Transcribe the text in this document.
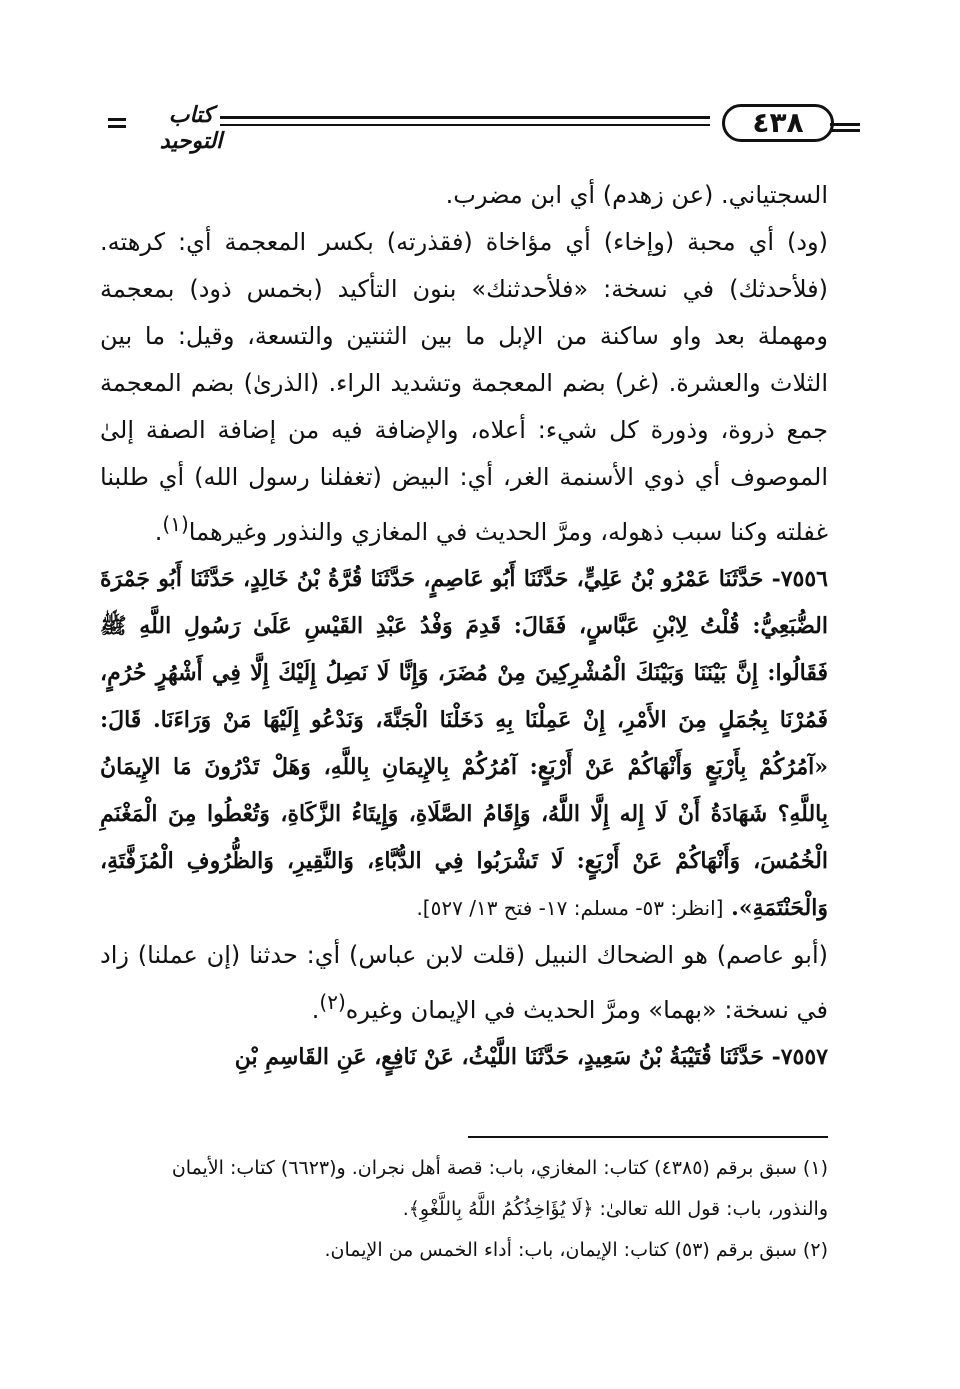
٤٣٨
كتاب التوحيد

السجتياني. (عن زهدم) أي ابن مضرب.

(ود) أي محبة (وإخاء) أي مؤاخاة (فقذرته) بكسر المعجمة أي: كرهته. (فلأحدثك) في نسخة: «فلأحدثنك» بنون التأكيد (بخمس ذود) بمعجمة ومهملة بعد واو ساكنة من الإبل ما بين الثنتين والتسعة، وقيل: ما بين الثلاث والعشرة. (غر) بضم المعجمة وتشديد الراء. (الذرىٰ) بضم المعجمة جمع ذروة، وذورة كل شيء: أعلاه، والإضافة فيه من إضافة الصفة إلىٰ الموصوف أي ذوي الأسنمة الغر، أي: البيض (تغفلنا رسول الله) أي طلبنا غفلته وكنا سبب ذهوله، ومرَّ الحديث في المغازي والنذور وغيرهما$^{(١)}$.

٧٥٥٦- حَدَّثَنَا عَمْرُو بْنُ عَلِيٍّ، حَدَّثَنَا أَبُو عَاصِمٍ، حَدَّثَنَا قُرَّةُ بْنُ خَالِدٍ، حَدَّثَنَا أَبُو جَمْرَةَ الضُّبَعِيُّ: قُلْتُ لِابْنِ عَبَّاسٍ، فَقَالَ: قَدِمَ وَفْدُ عَبْدِ القَيْسِ عَلَىٰ رَسُولِ اللَّهِ ﷺ فَقَالُوا: إِنَّ بَيْنَنَا وَبَيْنَكَ الْمُشْرِكِينَ مِنْ مُضَرَ، وَإِنَّا لَا نَصِلُ إِلَيْكَ إِلَّا فِي أَشْهُرٍ حُرُمٍ، فَمُرْنَا بِجُمَلٍ مِنَ الأَمْرِ، إِنْ عَمِلْنَا بِهِ دَخَلْنَا الْجَنَّةَ، وَنَدْعُو إِلَيْهَا مَنْ وَرَاءَنَا. قَالَ: «آمُرُكُمْ بِأَرْبَعٍ وَأَنْهَاكُمْ عَنْ أَرْبَعٍ: آمُرُكُمْ بِالإِيمَانِ بِاللَّهِ، وَهَلْ تَدْرُونَ مَا الإِيمَانُ بِاللَّهِ؟ شَهَادَةُ أَنْ لَا إِله إِلَّا اللَّهُ، وَإِقَامُ الصَّلَاةِ، وَإِيتَاءُ الزَّكَاةِ، وَتُعْطُوا مِنَ الْمَغْنَمِ الْخُمُسَ، وَأَنْهَاكُمْ عَنْ أَرْبَعٍ: لَا تَشْرَبُوا فِي الدُّبَّاءِ، وَالنَّقِيرِ، وَالظُّرُوفِ الْمُزَفَّتَةِ، وَالْحَنْتَمَةِ». [انظر: ٥٣- مسلم: ١٧- فتح ١٣/ ٥٢٧].

(أبو عاصم) هو الضحاك النبيل (قلت لابن عباس) أي: حدثنا (إن عملنا) زاد في نسخة: «بهما» ومرَّ الحديث في الإيمان وغيره$^{(٢)}$.

٧٥٥٧- حَدَّثَنَا قُتَيْبَةُ بْنُ سَعِيدٍ، حَدَّثَنَا اللَّيْثُ، عَنْ نَافِعٍ، عَنِ القَاسِمِ بْنِ

(١) سبق برقم (٤٣٨٥) كتاب: المغازي، باب: قصة أهل نجران. و(٦٦٢٣) كتاب: الأيمان والنذور، باب: قول الله تعالىٰ: ﴿لَا يُؤَاخِذُكُمُ اللَّهُ بِاللَّغْوِ﴾.

(٢) سبق برقم (٥٣) كتاب: الإيمان، باب: أداء الخمس من الإيمان.
